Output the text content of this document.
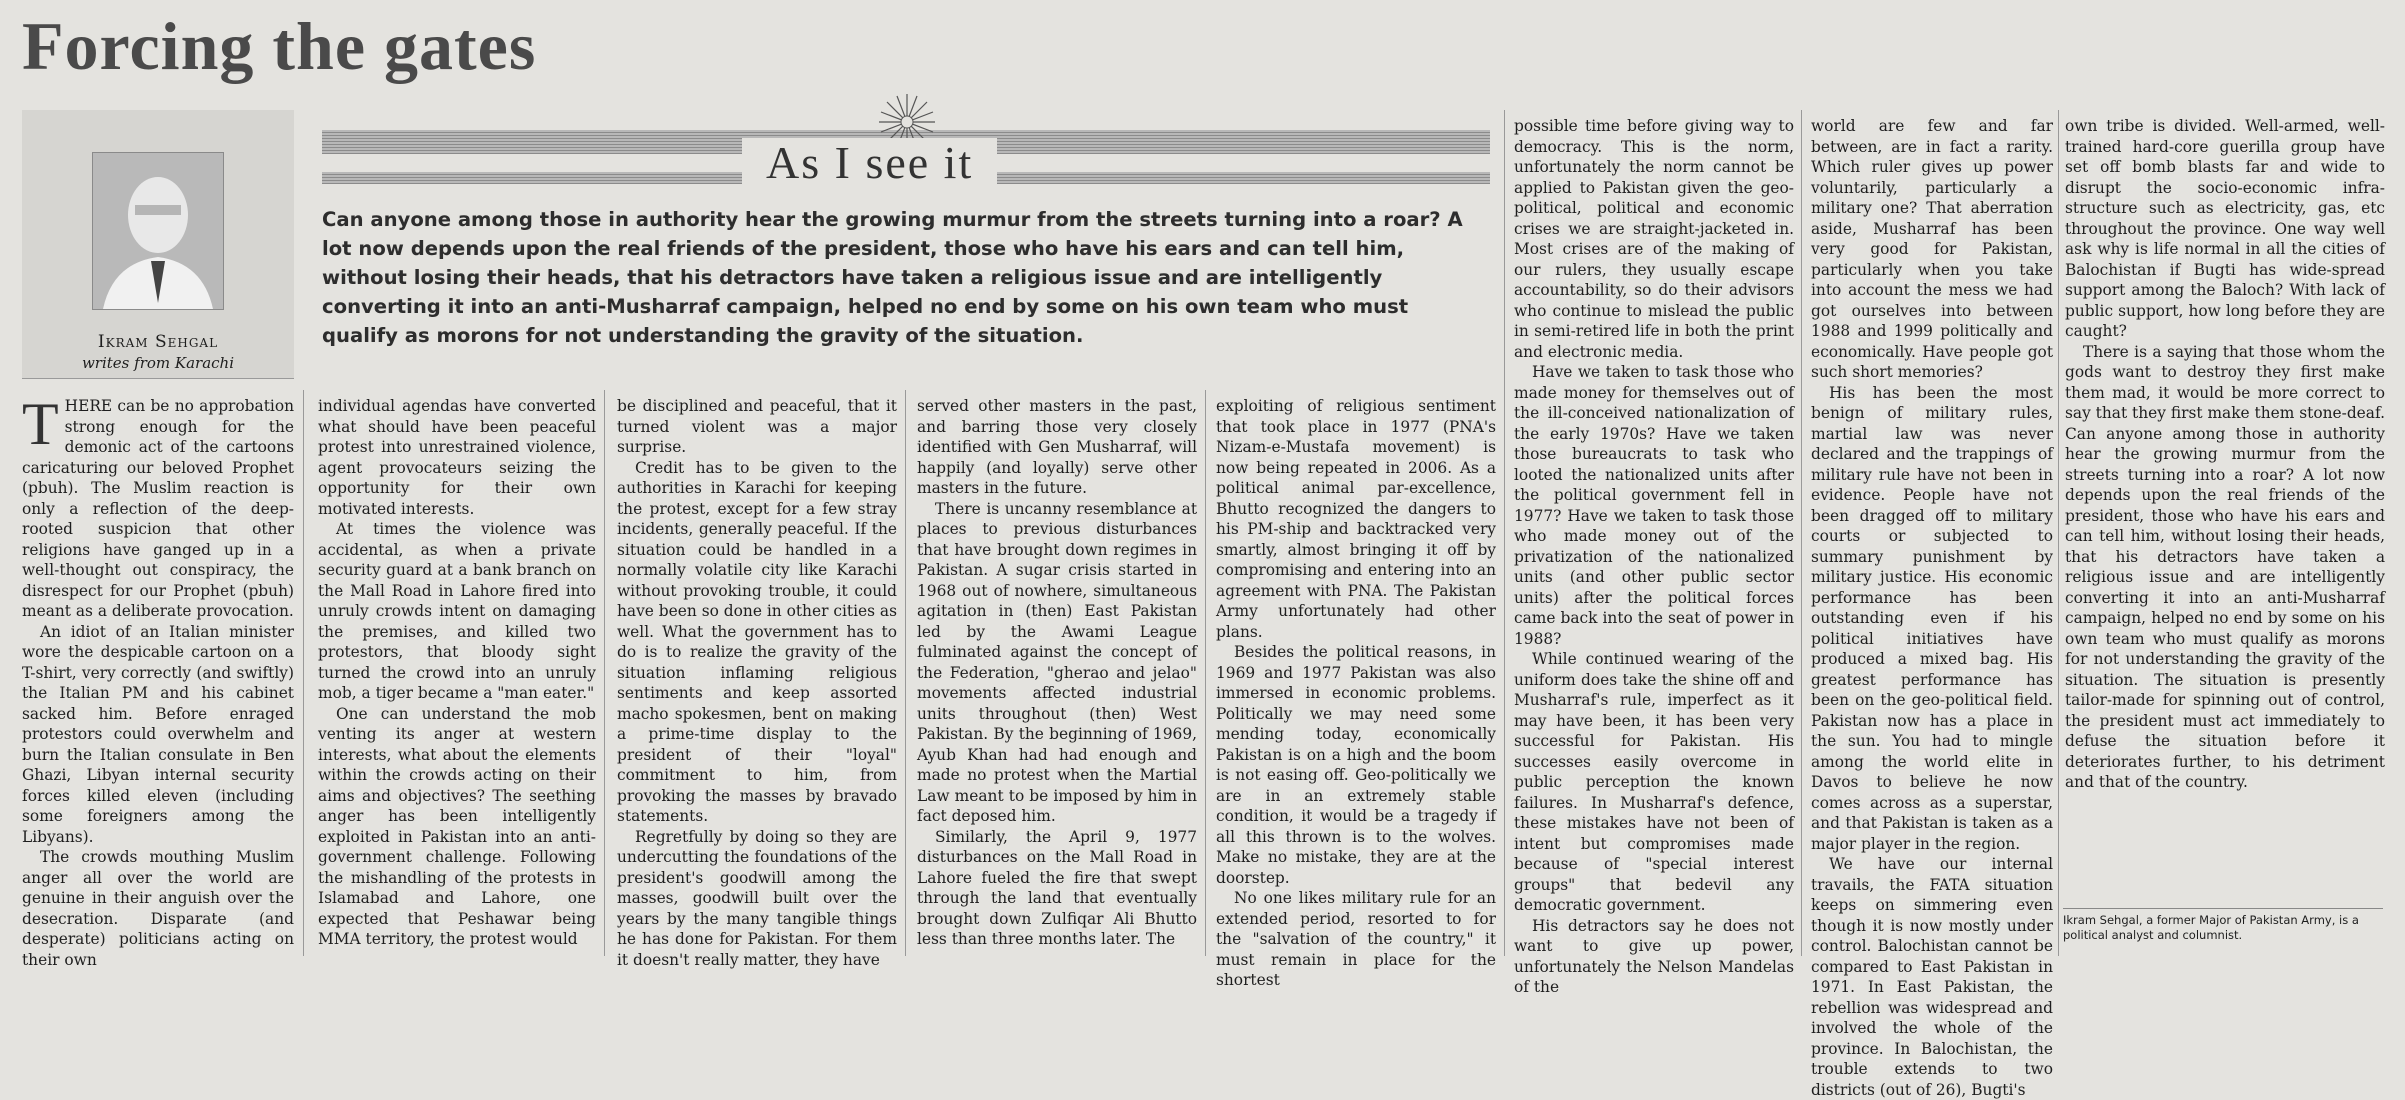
Forcing the gates
Ikram Sehgal
writes from Karachi
As I see it

Can anyone among those in authority hear the growing murmur from the streets turning into a roar? A lot now depends upon the real friends of the president, those who have his ears and can tell him, without losing their heads, that his detractors have taken a religious issue and are intelligently converting it into an anti-Musharraf campaign, helped no end by some on his own team who must qualify as morons for not understanding the gravity of the situation.

THERE can be no approbation strong enough for the demonic act of the cartoons caricaturing our beloved Prophet (pbuh). The Muslim reaction is only a reflection of the deep-rooted suspicion that other religions have ganged up in a well-thought out conspiracy, the disrespect for our Prophet (pbuh) meant as a deliberate provocation.

An idiot of an Italian minister wore the despicable cartoon on a T-shirt, very correctly (and swiftly) the Italian PM and his cabinet sacked him. Before enraged protestors could overwhelm and burn the Italian consulate in Ben Ghazi, Libyan internal security forces killed eleven (including some foreigners among the Libyans).

The crowds mouthing Muslim anger all over the world are genuine in their anguish over the desecration. Disparate (and desperate) politicians acting on their own

individual agendas have converted what should have been peaceful protest into unrestrained violence, agent provocateurs seizing the opportunity for their own motivated interests.

At times the violence was accidental, as when a private security guard at a bank branch on the Mall Road in Lahore fired into unruly crowds intent on damaging the premises, and killed two protestors, that bloody sight turned the crowd into an unruly mob, a tiger became a "man eater."

One can understand the mob venting its anger at western interests, what about the elements within the crowds acting on their aims and objectives? The seething anger has been intelligently exploited in Pakistan into an anti-government challenge. Following the mishandling of the protests in Islamabad and Lahore, one expected that Peshawar being MMA territory, the protest would

be disciplined and peaceful, that it turned violent was a major surprise.

Credit has to be given to the authorities in Karachi for keeping the protest, except for a few stray incidents, generally peaceful. If the situation could be handled in a normally volatile city like Karachi without provoking trouble, it could have been so done in other cities as well. What the government has to do is to realize the gravity of the situation inflaming religious sentiments and keep assorted macho spokesmen, bent on making a prime-time display to the president of their "loyal" commitment to him, from provoking the masses by bravado statements.

Regretfully by doing so they are undercutting the foundations of the president's goodwill among the masses, goodwill built over the years by the many tangible things he has done for Pakistan. For them it doesn't really matter, they have

served other masters in the past, and barring those very closely identified with Gen Musharraf, will happily (and loyally) serve other masters in the future.

There is uncanny resemblance at places to previous disturbances that have brought down regimes in Pakistan. A sugar crisis started in 1968 out of nowhere, simultaneous agitation in (then) East Pakistan led by the Awami League fulminated against the concept of the Federation, "gherao and jelao" movements affected industrial units throughout (then) West Pakistan. By the beginning of 1969, Ayub Khan had had enough and made no protest when the Martial Law meant to be imposed by him in fact deposed him.

Similarly, the April 9, 1977 disturbances on the Mall Road in Lahore fueled the fire that swept through the land that eventually brought down Zulfiqar Ali Bhutto less than three months later. The

exploiting of religious sentiment that took place in 1977 (PNA's Nizam-e-Mustafa movement) is now being repeated in 2006. As a political animal par-excellence, Bhutto recognized the dangers to his PM-ship and backtracked very smartly, almost bringing it off by compromising and entering into an agreement with PNA. The Pakistan Army unfortunately had other plans.

Besides the political reasons, in 1969 and 1977 Pakistan was also immersed in economic problems. Politically we may need some mending today, economically Pakistan is on a high and the boom is not easing off. Geo-politically we are in an extremely stable condition, it would be a tragedy if all this thrown is to the wolves. Make no mistake, they are at the doorstep.

No one likes military rule for an extended period, resorted to for the "salvation of the country," it must remain in place for the shortest

possible time before giving way to democracy. This is the norm, unfortunately the norm cannot be applied to Pakistan given the geo-political, political and economic crises we are straight-jacketed in. Most crises are of the making of our rulers, they usually escape accountability, so do their advisors who continue to mislead the public in semi-retired life in both the print and electronic media.

Have we taken to task those who made money for themselves out of the ill-conceived nationalization of the early 1970s? Have we taken those bureaucrats to task who looted the nationalized units after the political government fell in 1977? Have we taken to task those who made money out of the privatization of the nationalized units (and other public sector units) after the political forces came back into the seat of power in 1988?

While continued wearing of the uniform does take the shine off and Musharraf's rule, imperfect as it may have been, it has been very successful for Pakistan. His successes easily overcome in public perception the known failures. In Musharraf's defence, these mistakes have not been of intent but compromises made because of "special interest groups" that bedevil any democratic government.

His detractors say he does not want to give up power, unfortunately the Nelson Mandelas of the

world are few and far between, are in fact a rarity. Which ruler gives up power voluntarily, particularly a military one? That aberration aside, Musharraf has been very good for Pakistan, particularly when you take into account the mess we had got ourselves into between 1988 and 1999 politically and economically. Have people got such short memories?

His has been the most benign of military rules, martial law was never declared and the trappings of military rule have not been in evidence. People have not been dragged off to military courts or subjected to summary punishment by military justice. His economic performance has been outstanding even if his political initiatives have produced a mixed bag. His greatest performance has been on the geo-political field. Pakistan now has a place in the sun. You had to mingle among the world elite in Davos to believe he now comes across as a superstar, and that Pakistan is taken as a major player in the region.

We have our internal travails, the FATA situation keeps on simmering even though it is now mostly under control. Balochistan cannot be compared to East Pakistan in 1971. In East Pakistan, the rebellion was widespread and involved the whole of the province. In Balochistan, the trouble extends to two districts (out of 26), Bugti's

own tribe is divided. Well-armed, well-trained hard-core guerilla group have set off bomb blasts far and wide to disrupt the socio-economic infra-structure such as electricity, gas, etc throughout the province. One way well ask why is life normal in all the cities of Balochistan if Bugti has wide-spread support among the Baloch? With lack of public support, how long before they are caught?

There is a saying that those whom the gods want to destroy they first make them mad, it would be more correct to say that they first make them stone-deaf. Can anyone among those in authority hear the growing murmur from the streets turning into a roar? A lot now depends upon the real friends of the president, those who have his ears and can tell him, without losing their heads, that his detractors have taken a religious issue and are intelligently converting it into an anti-Musharraf campaign, helped no end by some on his own team who must qualify as morons for not understanding the gravity of the situation. The situation is presently tailor-made for spinning out of control, the president must act immediately to defuse the situation before it deteriorates further, to his detriment and that of the country.

Ikram Sehgal, a former Major of Pakistan Army, is a political analyst and columnist.
